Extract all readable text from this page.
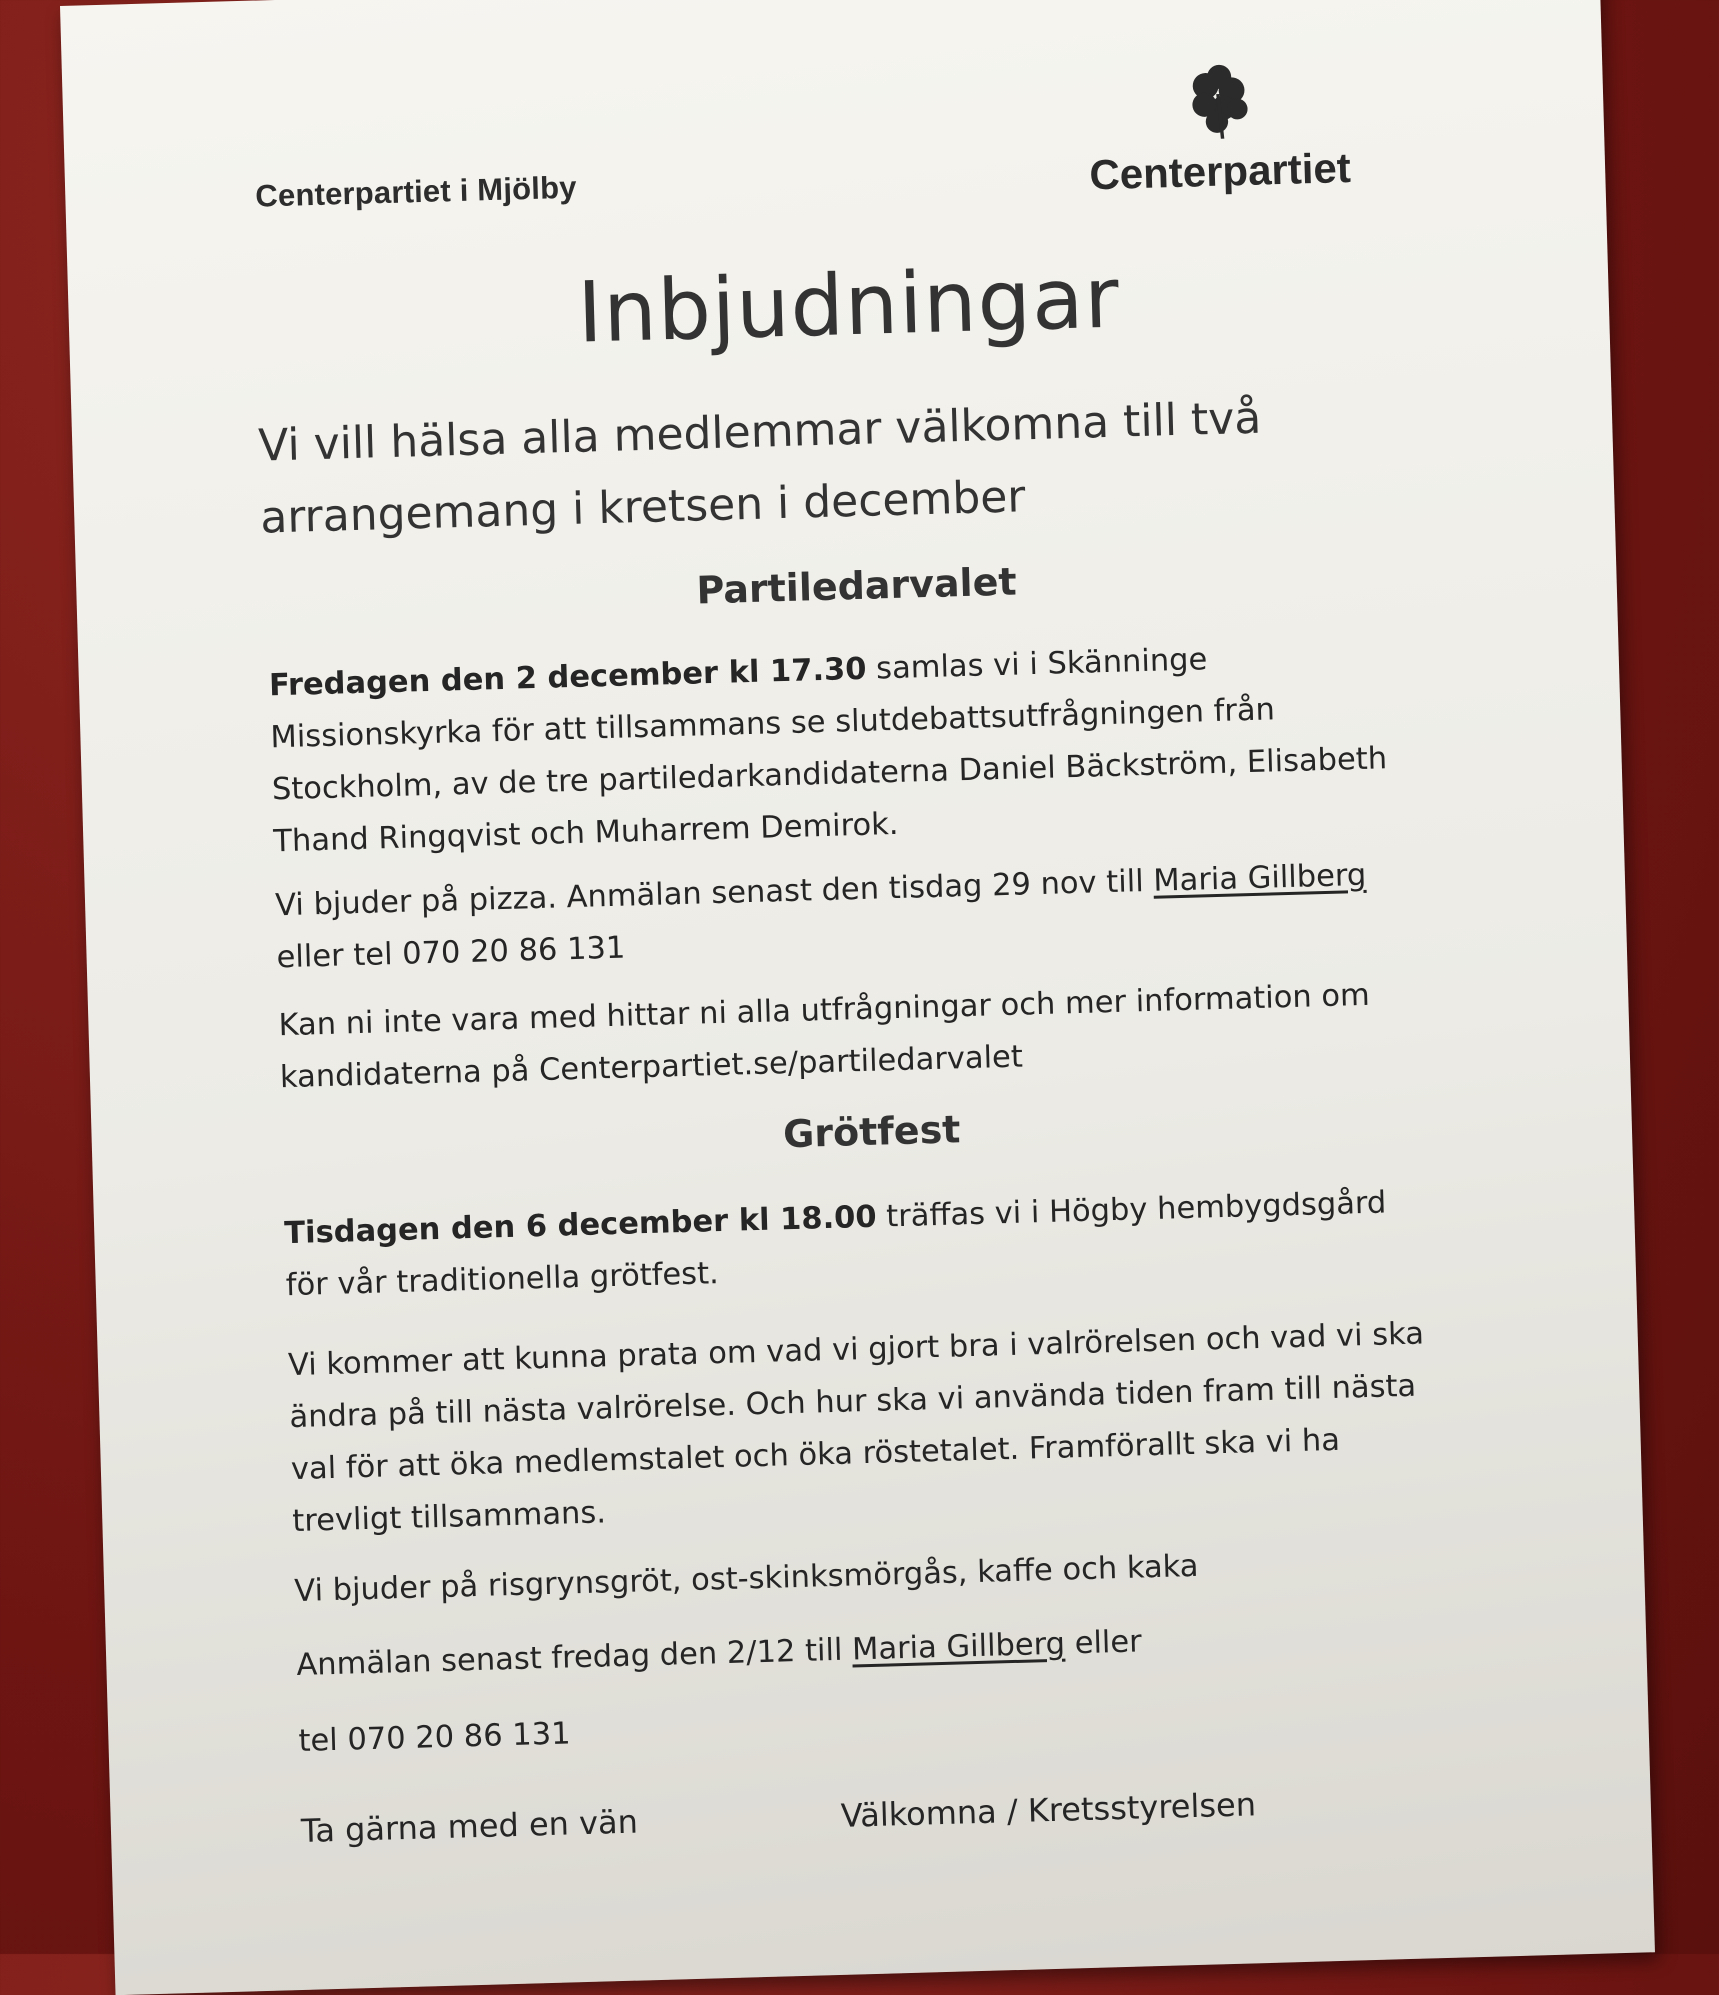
Centerpartiet i Mjölby	Centerpartiet
Inbjudningar
Vi vill hälsa alla medlemmar välkomna till två arrangemang i kretsen i december
Partiledarvalet
Fredagen den 2 december kl 17.30 samlas vi i Skänninge Missionskyrka för att tillsammans se slutdebattsutfrågningen från Stockholm, av de tre partiledarkandidaterna Daniel Bäckström, Elisabeth Thand Ringqvist och Muharrem Demirok.
Vi bjuder på pizza. Anmälan senast den tisdag 29 nov till Maria Gillberg eller tel 070 20 86 131
Kan ni inte vara med hittar ni alla utfrågningar och mer information om kandidaterna på Centerpartiet.se/partiledarvalet
Grötfest
Tisdagen den 6 december kl 18.00 träffas vi i Högby hembygdsgård för vår traditionella grötfest.
Vi kommer att kunna prata om vad vi gjort bra i valrörelsen och vad vi ska ändra på till nästa valrörelse. Och hur ska vi använda tiden fram till nästa val för att öka medlemstalet och öka röstetalet. Framförallt ska vi ha trevligt tillsammans.
Vi bjuder på risgrynsgröt, ost-skinksmörgås, kaffe och kaka
Anmälan senast fredag den 2/12 till Maria Gillberg eller
tel 070 20 86 131
Ta gärna med en vän	Välkomna / Kretsstyrelsen
